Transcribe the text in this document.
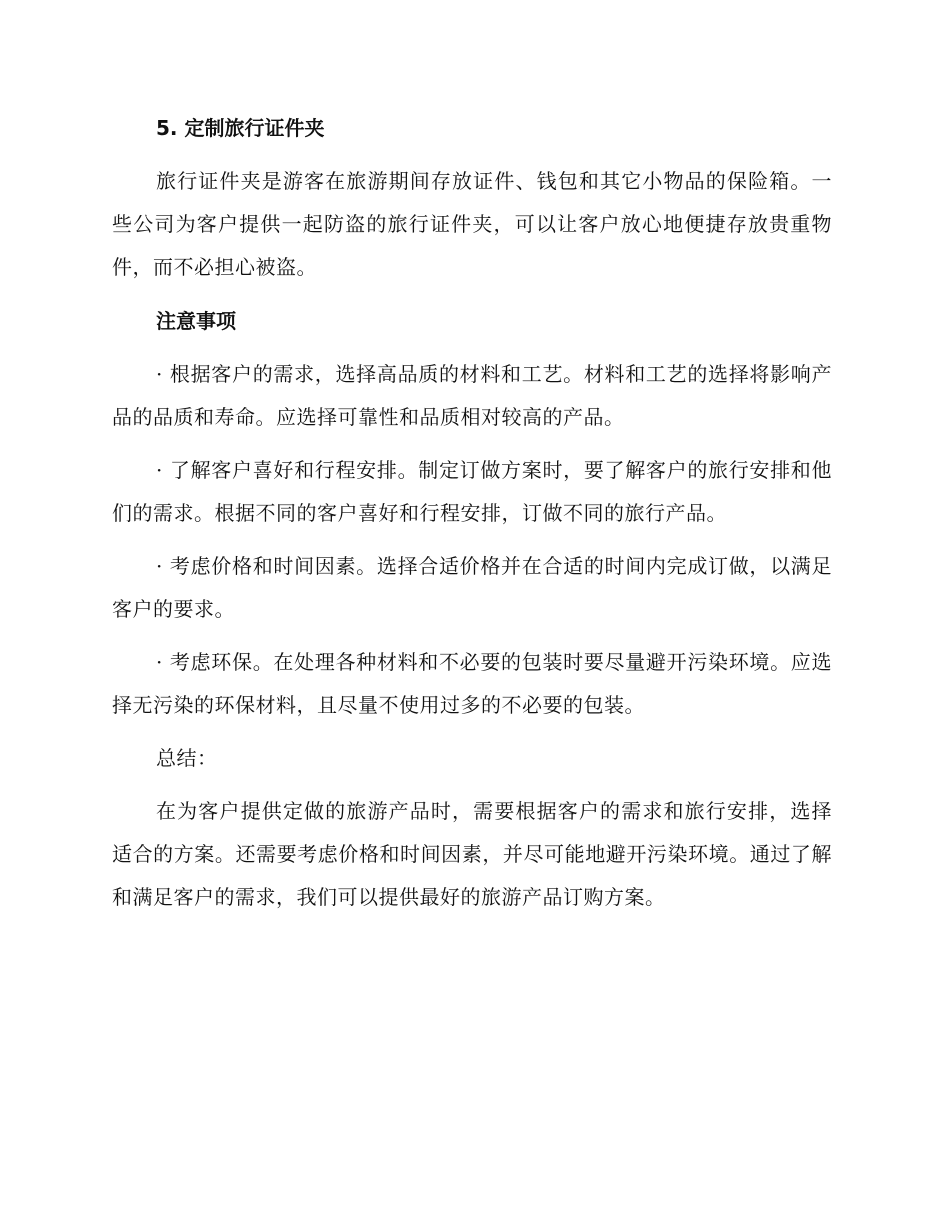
5. 定制旅行证件夹

旅行证件夹是游客在旅游期间存放证件、钱包和其它小物品的保险箱。一些公司为客户提供一起防盗的旅行证件夹，可以让客户放心地便捷存放贵重物件，而不必担心被盗。

注意事项

· 根据客户的需求，选择高品质的材料和工艺。材料和工艺的选择将影响产品的品质和寿命。应选择可靠性和品质相对较高的产品。

· 了解客户喜好和行程安排。制定订做方案时，要了解客户的旅行安排和他们的需求。根据不同的客户喜好和行程安排，订做不同的旅行产品。

· 考虑价格和时间因素。选择合适价格并在合适的时间内完成订做，以满足客户的要求。

· 考虑环保。在处理各种材料和不必要的包装时要尽量避开污染环境。应选择无污染的环保材料，且尽量不使用过多的不必要的包装。

总结：

在为客户提供定做的旅游产品时，需要根据客户的需求和旅行安排，选择适合的方案。还需要考虑价格和时间因素，并尽可能地避开污染环境。通过了解和满足客户的需求，我们可以提供最好的旅游产品订购方案。
